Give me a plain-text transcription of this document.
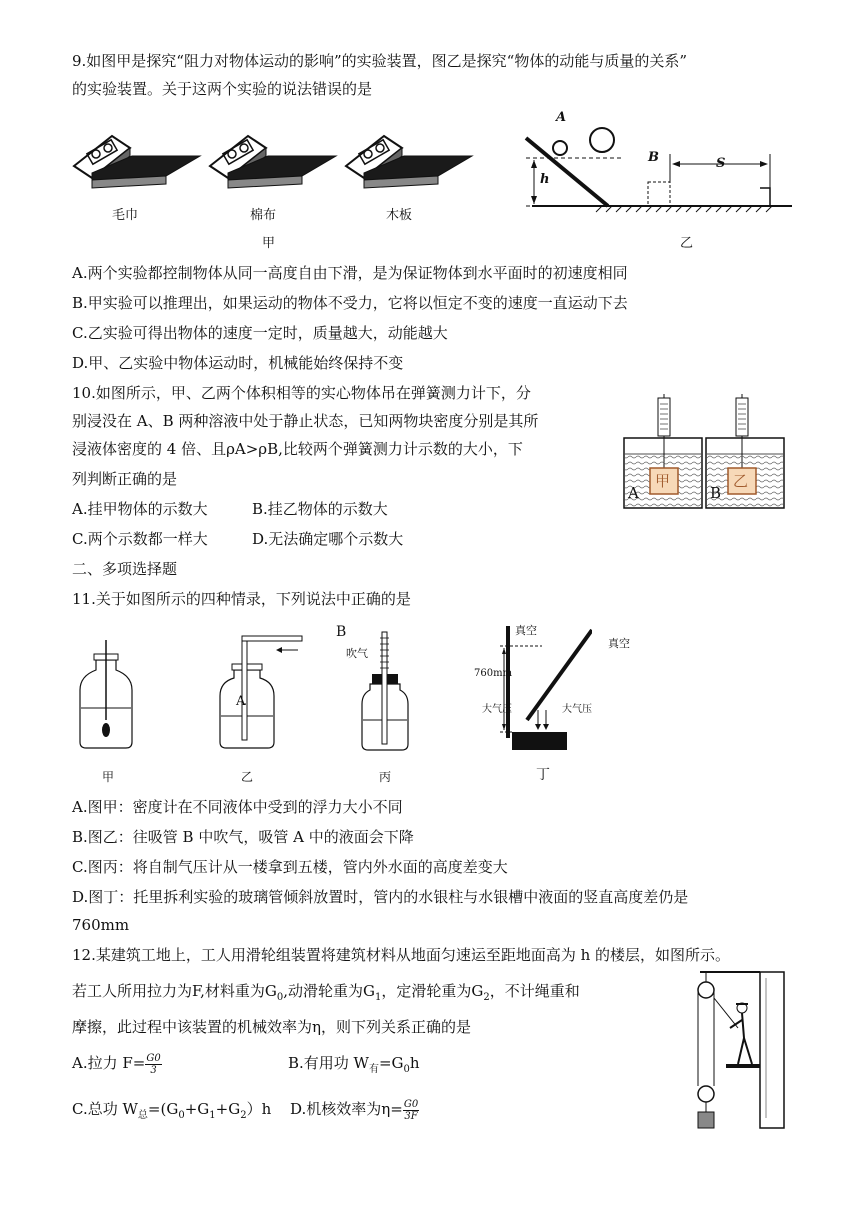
9.如图甲是探究“阻力对物体运动的影响”的实验装置，图乙是探究“物体的动能与质量的关系”
的实验装置。关于这两个实验的说法错误的是
毛巾	棉布	木板
甲
A
B
h
S
乙
A.两个实验都控制物体从同一高度自由下滑，是为保证物体到水平面时的初速度相同
B.甲实验可以推理出，如果运动的物体不受力，它将以恒定不变的速度一直运动下去
C.乙实验可得出物体的速度一定时，质量越大，动能越大
D.甲、乙实验中物体运动时，机械能始终保持不变
10.如图所示，甲、乙两个体积相等的实心物体吊在弹簧测力计下，分
别浸没在 A、B 两种溶液中处于静止状态，已知两物块密度分别是其所
浸液体密度的 4 倍、且ρA>ρB,比较两个弹簧测力计示数的大小，下
列判断正确的是
A.挂甲物体的示数大	B.挂乙物体的示数大
C.两个示数都一样大	D.无法确定哪个示数大
A	B
甲	乙
二、多项选择题
11.关于如图所示的四种情录，下列说法中正确的是
B
A
吹气
真空
真空
760mm
大气压	大气压
甲	乙	丙	丁
A.图甲：密度计在不同液体中受到的浮力大小不同
B.图乙：往吸管 B 中吹气，吸管 A 中的液面会下降
C.图丙：将自制气压计从一楼拿到五楼，管内外水面的高度差变大
D.图丁：托里拆利实验的玻璃管倾斜放置时，管内的水银柱与水银槽中液面的竖直高度差仍是
760mm
12.某建筑工地上，工人用滑轮组装置将建筑材料从地面匀速运至距地面高为 h 的楼层，如图所示。
若工人所用拉力为F,材料重为$G_0$,动滑轮重为$G_1$，定滑轮重为$G_2$，不计绳重和
摩擦，此过程中该装置的机械效率为η，则下列关系正确的是
A.拉力 $F= \frac{G0}{3}$	B.有用功 $W_有=G_0h$
C.总功 $W_总=(G_0+G_1+G_2)h$ D.机核效率为$\eta= \frac{G0}{3F}$
